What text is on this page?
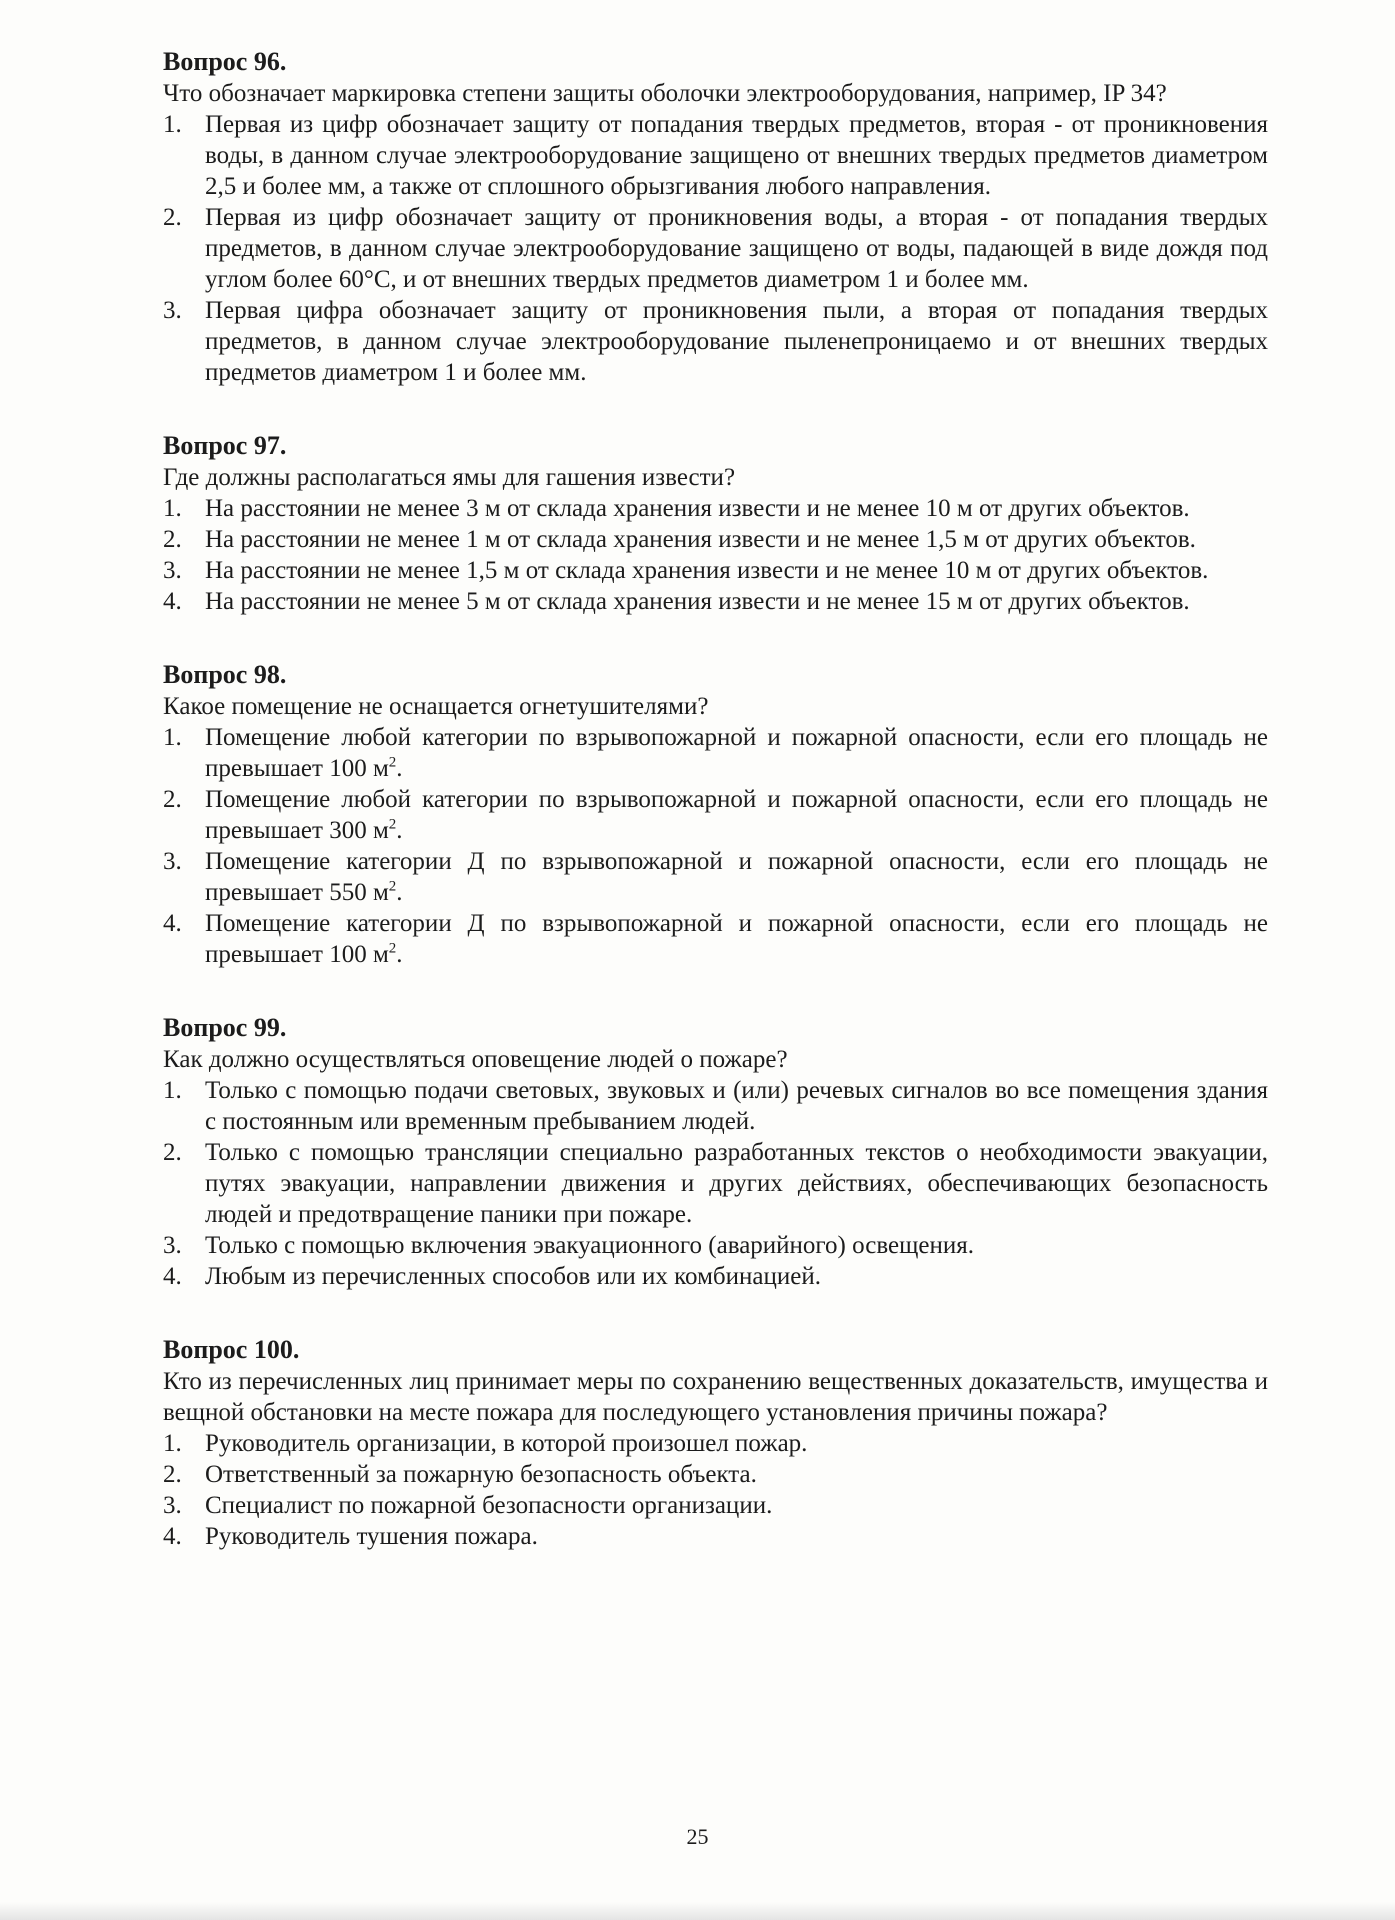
Вопрос 96.
Что обозначает маркировка степени защиты оболочки электрооборудования, например, IP 34?
1. Первая из цифр обозначает защиту от попадания твердых предметов, вторая - от проникновения воды, в данном случае электрооборудование защищено от внешних твердых предметов диаметром 2,5 и более мм, а также от сплошного обрызгивания любого направления.
2. Первая из цифр обозначает защиту от проникновения воды, а вторая - от попадания твердых предметов, в данном случае электрооборудование защищено от воды, падающей в виде дождя под углом более 60°С, и от внешних твердых предметов диаметром 1 и более мм.
3. Первая цифра обозначает защиту от проникновения пыли, а вторая от попадания твердых предметов, в данном случае электрооборудование пыленепроницаемо и от внешних твердых предметов диаметром 1 и более мм.
Вопрос 97.
Где должны располагаться ямы для гашения извести?
1. На расстоянии не менее 3 м от склада хранения извести и не менее 10 м от других объектов.
2. На расстоянии не менее 1 м от склада хранения извести и не менее 1,5 м от других объектов.
3. На расстоянии не менее 1,5 м от склада хранения извести и не менее 10 м от других объектов.
4. На расстоянии не менее 5 м от склада хранения извести и не менее 15 м от других объектов.
Вопрос 98.
Какое помещение не оснащается огнетушителями?
1. Помещение любой категории по взрывопожарной и пожарной опасности, если его площадь не превышает 100 $м^2$.
2. Помещение любой категории по взрывопожарной и пожарной опасности, если его площадь не превышает 300 $м^2$.
3. Помещение категории Д по взрывопожарной и пожарной опасности, если его площадь не превышает 550 $м^2$.
4. Помещение категории Д по взрывопожарной и пожарной опасности, если его площадь не превышает 100 $м^2$.
Вопрос 99.
Как должно осуществляться оповещение людей о пожаре?
1. Только с помощью подачи световых, звуковых и (или) речевых сигналов во все помещения здания с постоянным или временным пребыванием людей.
2. Только с помощью трансляции специально разработанных текстов о необходимости эвакуации, путях эвакуации, направлении движения и других действиях, обеспечивающих безопасность людей и предотвращение паники при пожаре.
3. Только с помощью включения эвакуационного (аварийного) освещения.
4. Любым из перечисленных способов или их комбинацией.
Вопрос 100.
Кто из перечисленных лиц принимает меры по сохранению вещественных доказательств, имущества и вещной обстановки на месте пожара для последующего установления причины пожара?
1. Руководитель организации, в которой произошел пожар.
2. Ответственный за пожарную безопасность объекта.
3. Специалист по пожарной безопасности организации.
4. Руководитель тушения пожара.
25
